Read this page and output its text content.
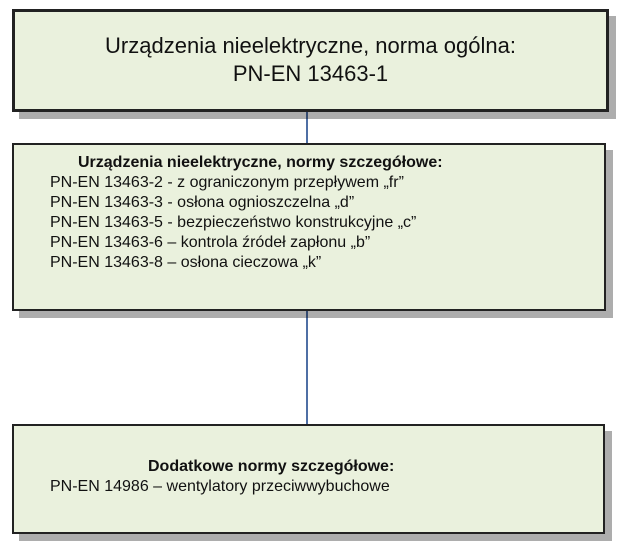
Urządzenia nieelektryczne, norma ogólna:
PN-EN 13463-1
Urządzenia nieelektryczne, normy szczegółowe:
PN-EN 13463-2 - z ograniczonym przepływem „fr”
PN-EN 13463-3 - osłona ognioszczelna „d”
PN-EN 13463-5 - bezpieczeństwo konstrukcyjne „c”
PN-EN 13463-6 – kontrola źródeł zapłonu „b”
PN-EN 13463-8 – osłona cieczowa „k”
Dodatkowe normy szczegółowe:
PN-EN 14986 – wentylatory przeciwwybuchowe
